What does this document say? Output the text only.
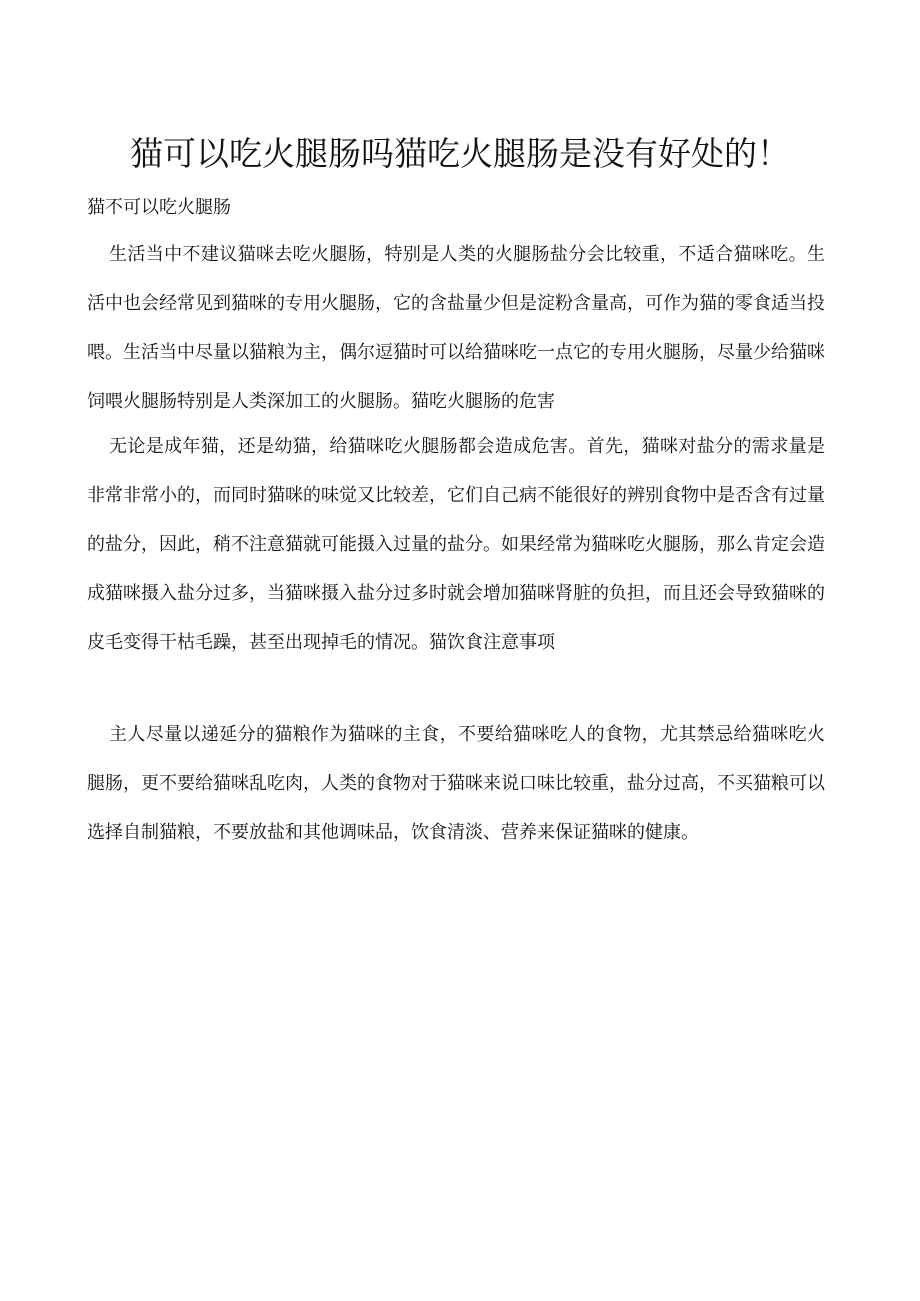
猫可以吃火腿肠吗猫吃火腿肠是没有好处的！

猫不可以吃火腿肠

生活当中不建议猫咪去吃火腿肠，特别是人类的火腿肠盐分会比较重，不适合猫咪吃。生活中也会经常见到猫咪的专用火腿肠，它的含盐量少但是淀粉含量高，可作为猫的零食适当投喂。生活当中尽量以猫粮为主，偶尔逗猫时可以给猫咪吃一点它的专用火腿肠，尽量少给猫咪饲喂火腿肠特别是人类深加工的火腿肠。猫吃火腿肠的危害

无论是成年猫，还是幼猫，给猫咪吃火腿肠都会造成危害。首先，猫咪对盐分的需求量是非常非常小的，而同时猫咪的味觉又比较差，它们自己病不能很好的辨别食物中是否含有过量的盐分，因此，稍不注意猫就可能摄入过量的盐分。如果经常为猫咪吃火腿肠，那么肯定会造成猫咪摄入盐分过多，当猫咪摄入盐分过多时就会增加猫咪肾脏的负担，而且还会导致猫咪的皮毛变得干枯毛躁，甚至出现掉毛的情况。猫饮食注意事项

主人尽量以递延分的猫粮作为猫咪的主食，不要给猫咪吃人的食物，尤其禁忌给猫咪吃火腿肠，更不要给猫咪乱吃肉，人类的食物对于猫咪来说口味比较重，盐分过高，不买猫粮可以选择自制猫粮，不要放盐和其他调味品，饮食清淡、营养来保证猫咪的健康。
